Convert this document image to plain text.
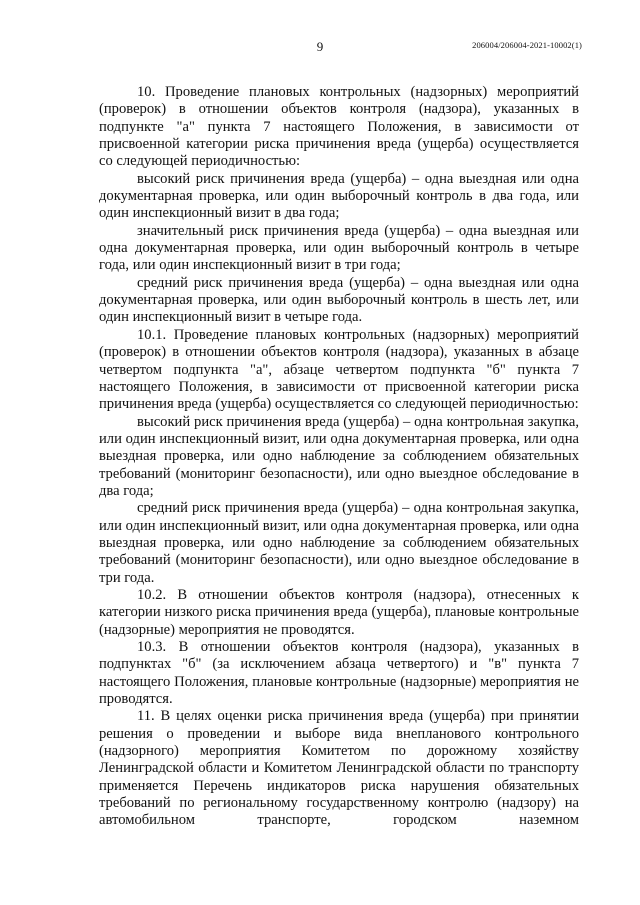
9	206004/206004-2021-10002(1)

10. Проведение плановых контрольных (надзорных) мероприятий (проверок) в отношении объектов контроля (надзора), указанных в подпункте "а" пункта 7 настоящего Положения, в зависимости от присвоенной категории риска причинения вреда (ущерба) осуществляется со следующей периодичностью:

высокий риск причинения вреда (ущерба) – одна выездная или одна документарная проверка, или один выборочный контроль в два года, или один инспекционный визит в два года;

значительный риск причинения вреда (ущерба) – одна выездная или одна документарная проверка, или один выборочный контроль в четыре года, или один инспекционный визит в три года;

средний риск причинения вреда (ущерба) – одна выездная или одна документарная проверка, или один выборочный контроль в шесть лет, или один инспекционный визит в четыре года.

10.1. Проведение плановых контрольных (надзорных) мероприятий (проверок) в отношении объектов контроля (надзора), указанных в абзаце четвертом подпункта "а", абзаце четвертом подпункта "б" пункта 7 настоящего Положения, в зависимости от присвоенной категории риска причинения вреда (ущерба) осуществляется со следующей периодичностью:

высокий риск причинения вреда (ущерба) – одна контрольная закупка, или один инспекционный визит, или одна документарная проверка, или одна выездная проверка, или одно наблюдение за соблюдением обязательных требований (мониторинг безопасности), или одно выездное обследование в два года;

средний риск причинения вреда (ущерба) – одна контрольная закупка, или один инспекционный визит, или одна документарная проверка, или одна выездная проверка, или одно наблюдение за соблюдением обязательных требований (мониторинг безопасности), или одно выездное обследование в три года.

10.2. В отношении объектов контроля (надзора), отнесенных к категории низкого риска причинения вреда (ущерба), плановые контрольные (надзорные) мероприятия не проводятся.

10.3. В отношении объектов контроля (надзора), указанных в подпунктах "б" (за исключением абзаца четвертого) и "в" пункта 7 настоящего Положения, плановые контрольные (надзорные) мероприятия не проводятся.

11. В целях оценки риска причинения вреда (ущерба) при принятии решения о проведении и выборе вида внепланового контрольного (надзорного) мероприятия Комитетом по дорожному хозяйству Ленинградской области и Комитетом Ленинградской области по транспорту применяется Перечень индикаторов риска нарушения обязательных требований по региональному государственному контролю (надзору) на автомобильном транспорте, городском наземном
